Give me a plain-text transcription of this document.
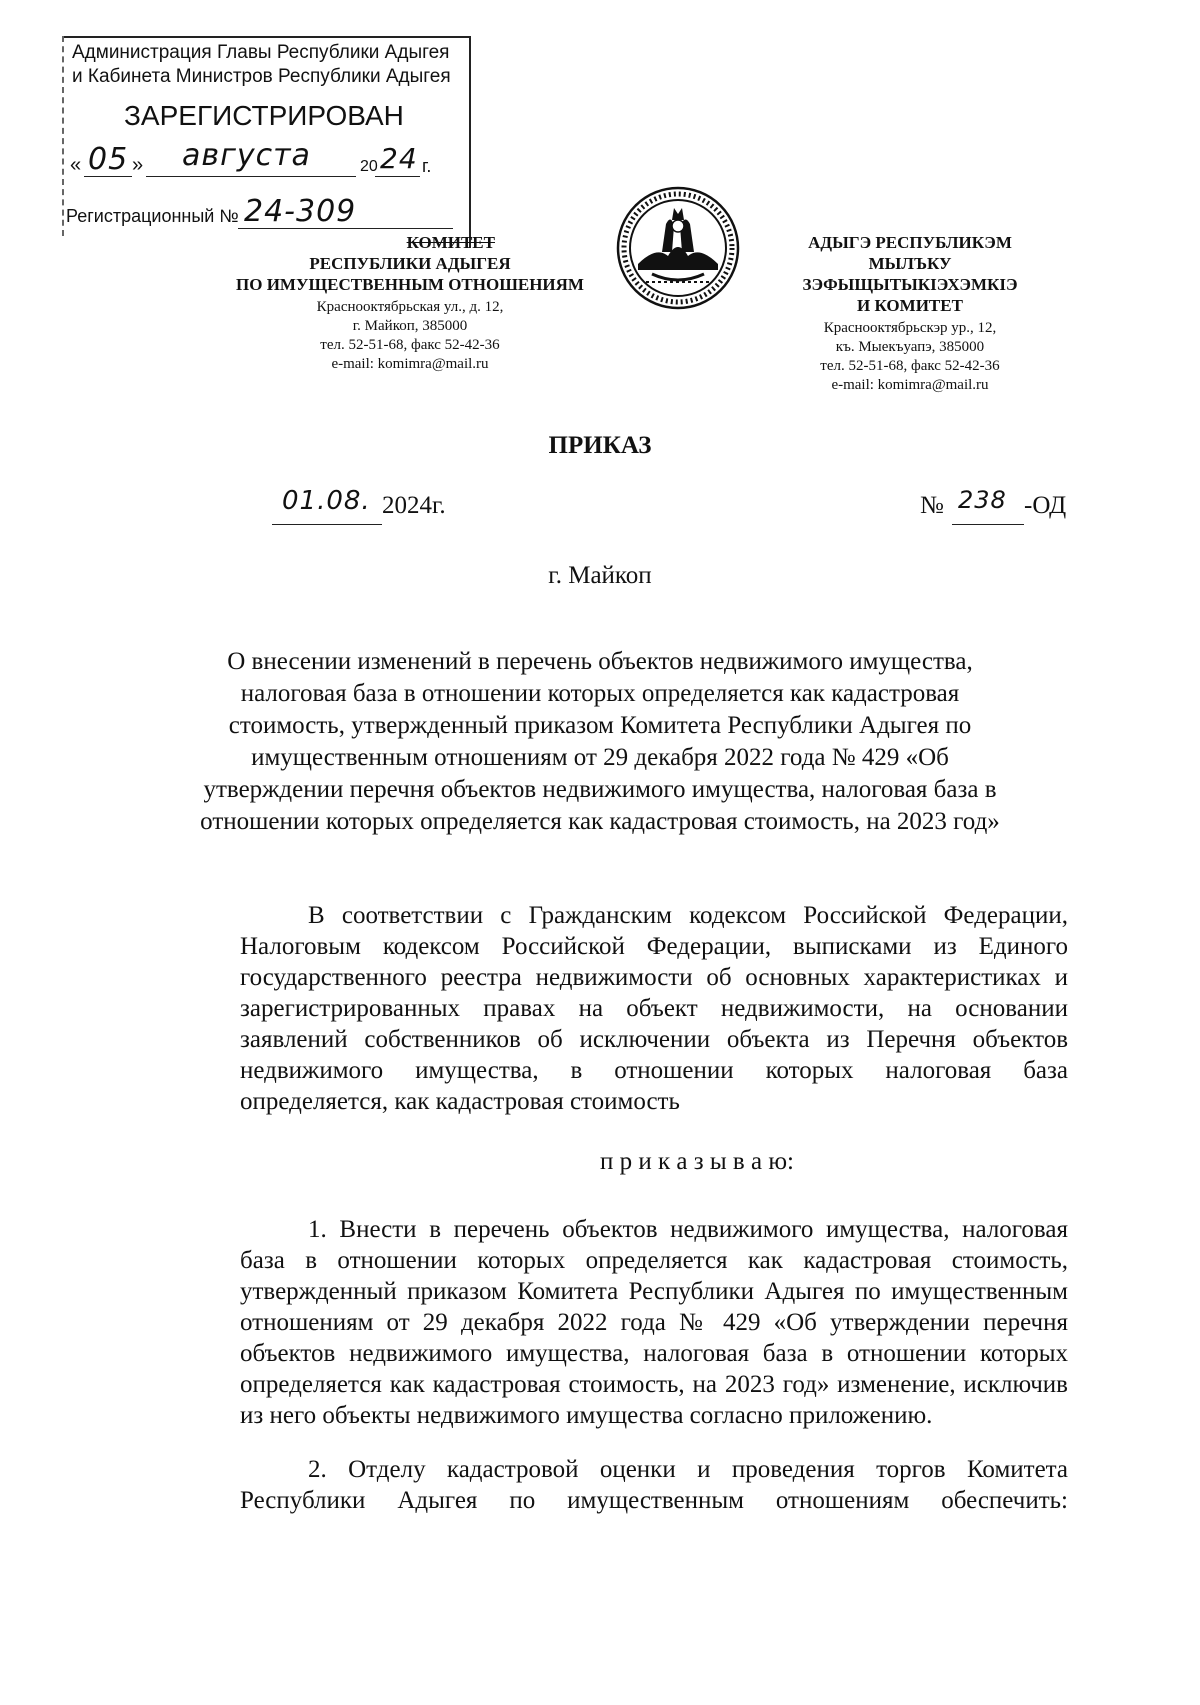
Администрация Главы Республики Адыгея
и Кабинета Министров Республики Адыгея
ЗАРЕГИСТРИРОВАН
« 05 » августа	20 24 г.
Регистрационный № 24-309
КОМИТЕТ
РЕСПУБЛИКИ АДЫГЕЯ
ПО ИМУЩЕСТВЕННЫМ ОТНОШЕНИЯМ
Краснооктябрьская ул., д. 12,
г. Майкоп, 385000
тел. 52-51-68, факс 52-42-36
e-mail: komimra@mail.ru
АДЫГЭ РЕСПУБЛИКЭМ
МЫЛЪКУ ЗЭФЫЩЫТЫКІЭХЭМКІЭ
И КОМИТЕТ
Краснооктябрьскэр ур., 12,
къ. Мыекъуапэ, 385000
тел. 52-51-68, факс 52-42-36
e-mail: komimra@mail.ru
ПРИКАЗ
01.08. 2024г.	№ 238 -ОД
г. Майкоп
О внесении изменений в перечень объектов недвижимого имущества,
налоговая база в отношении которых определяется как кадастровая
стоимость, утвержденный приказом Комитета Республики Адыгея по
имущественным отношениям от 29 декабря 2022 года № 429 «Об
утверждении перечня объектов недвижимого имущества, налоговая база в
отношении которых определяется как кадастровая стоимость, на 2023 год»
В соответствии с Гражданским кодексом Российской Федерации, Налоговым кодексом Российской Федерации, выписками из Единого государственного реестра недвижимости об основных характеристиках и зарегистрированных правах на объект недвижимости, на основании заявлений собственников об исключении объекта из Перечня объектов недвижимого имущества, в отношении которых налоговая база определяется, как кадастровая стоимость
п р и к а з ы в а ю:
1. Внести в перечень объектов недвижимого имущества, налоговая база в отношении которых определяется как кадастровая стоимость, утвержденный приказом Комитета Республики Адыгея по имущественным отношениям от 29 декабря 2022 года № 429 «Об утверждении перечня объектов недвижимого имущества, налоговая база в отношении которых определяется как кадастровая стоимость, на 2023 год» изменение, исключив из него объекты недвижимого имущества согласно приложению.
2. Отделу кадастровой оценки и проведения торгов Комитета Республики Адыгея по имущественным отношениям обеспечить:
